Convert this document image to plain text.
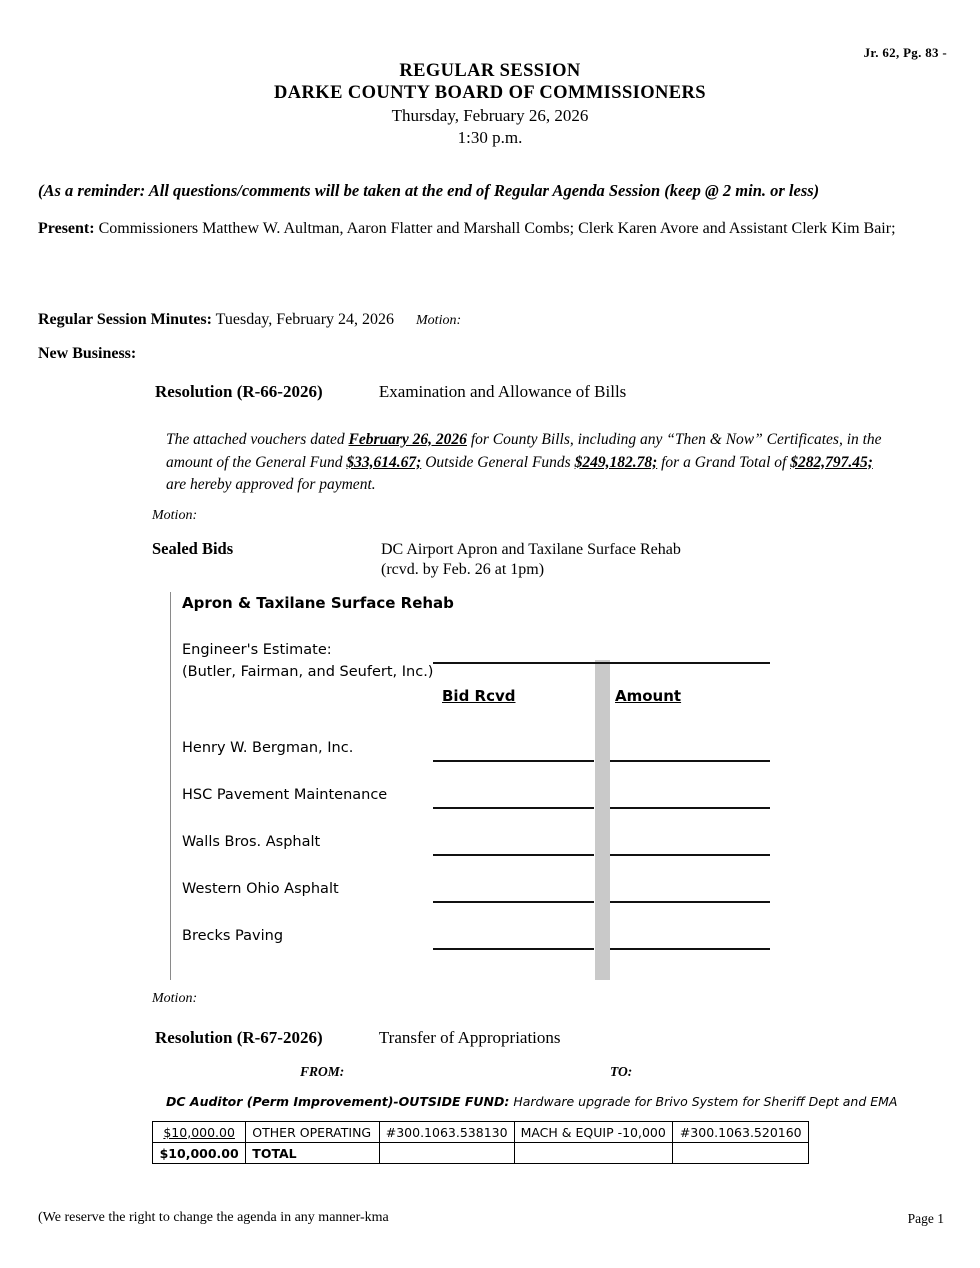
Jr. 62, Pg. 83 -
REGULAR SESSION
DARKE COUNTY BOARD OF COMMISSIONERS
Thursday, February 26, 2026
1:30 p.m.
(As a reminder: All questions/comments will be taken at the end of Regular Agenda Session (keep @ 2 min. or less)
Present: Commissioners Matthew W. Aultman, Aaron Flatter and Marshall Combs; Clerk Karen Avore and Assistant Clerk Kim Bair;
Regular Session Minutes: Tuesday, February 24, 2026 Motion:
New Business:
Resolution (R-66-2026)	Examination and Allowance of Bills
The attached vouchers dated February 26, 2026 for County Bills, including any “Then & Now” Certificates, in the amount of the General Fund $33,614.67; Outside General Funds $249,182.78; for a Grand Total of $282,797.45; are hereby approved for payment.
Motion:
Sealed Bids	DC Airport Apron and Taxilane Surface Rehab
(rcvd. by Feb. 26 at 1pm)
Apron & Taxilane Surface Rehab
Engineer's Estimate:
(Butler, Fairman, and Seufert, Inc.)
Bid Rcvd	Amount
Henry W. Bergman, Inc.
HSC Pavement Maintenance
Walls Bros. Asphalt
Western Ohio Asphalt
Brecks Paving
Motion:
Resolution (R-67-2026)	Transfer of Appropriations
FROM:	TO:
DC Auditor (Perm Improvement)-OUTSIDE FUND: Hardware upgrade for Brivo System for Sheriff Dept and EMA
$10,000.00	OTHER OPERATING	#300.1063.538130	MACH & EQUIP -10,000	#300.1063.520160
$10,000.00	TOTAL			
(We reserve the right to change the agenda in any manner-kma	Page 1
